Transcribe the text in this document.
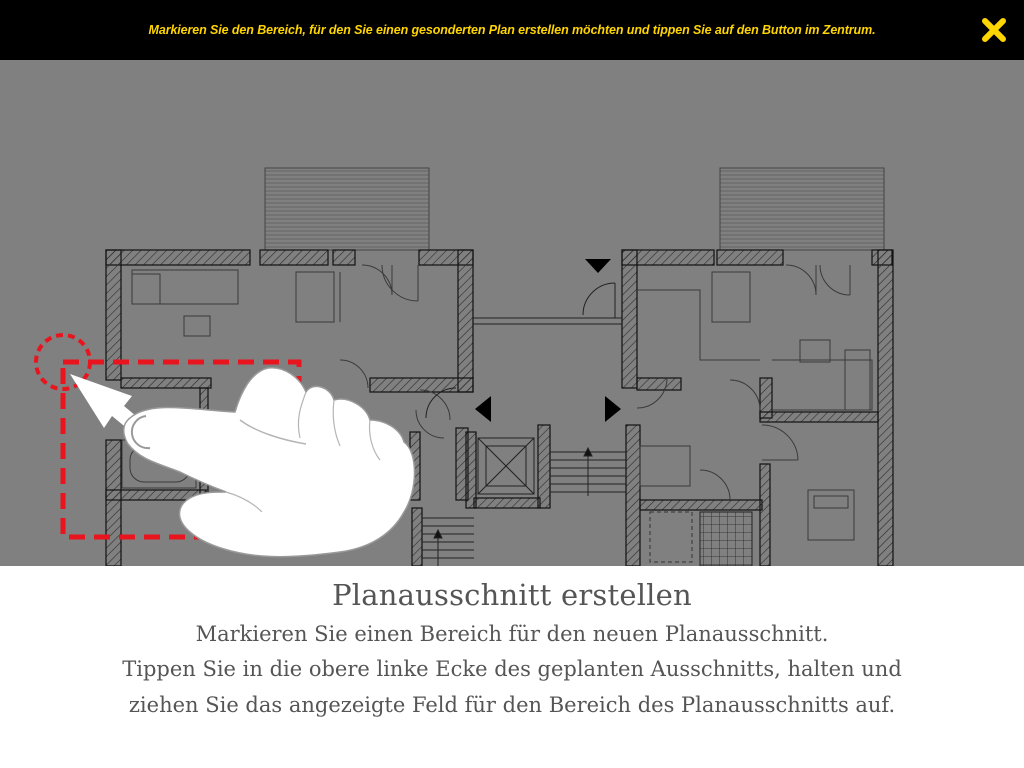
Markieren Sie den Bereich, für den Sie einen gesonderten Plan erstellen möchten und tippen Sie auf den Button im Zentrum.
Planausschnitt erstellen
Markieren Sie einen Bereich für den neuen Planausschnitt.
Tippen Sie in die obere linke Ecke des geplanten Ausschnitts, halten und
ziehen Sie das angezeigte Feld für den Bereich des Planausschnitts auf.
